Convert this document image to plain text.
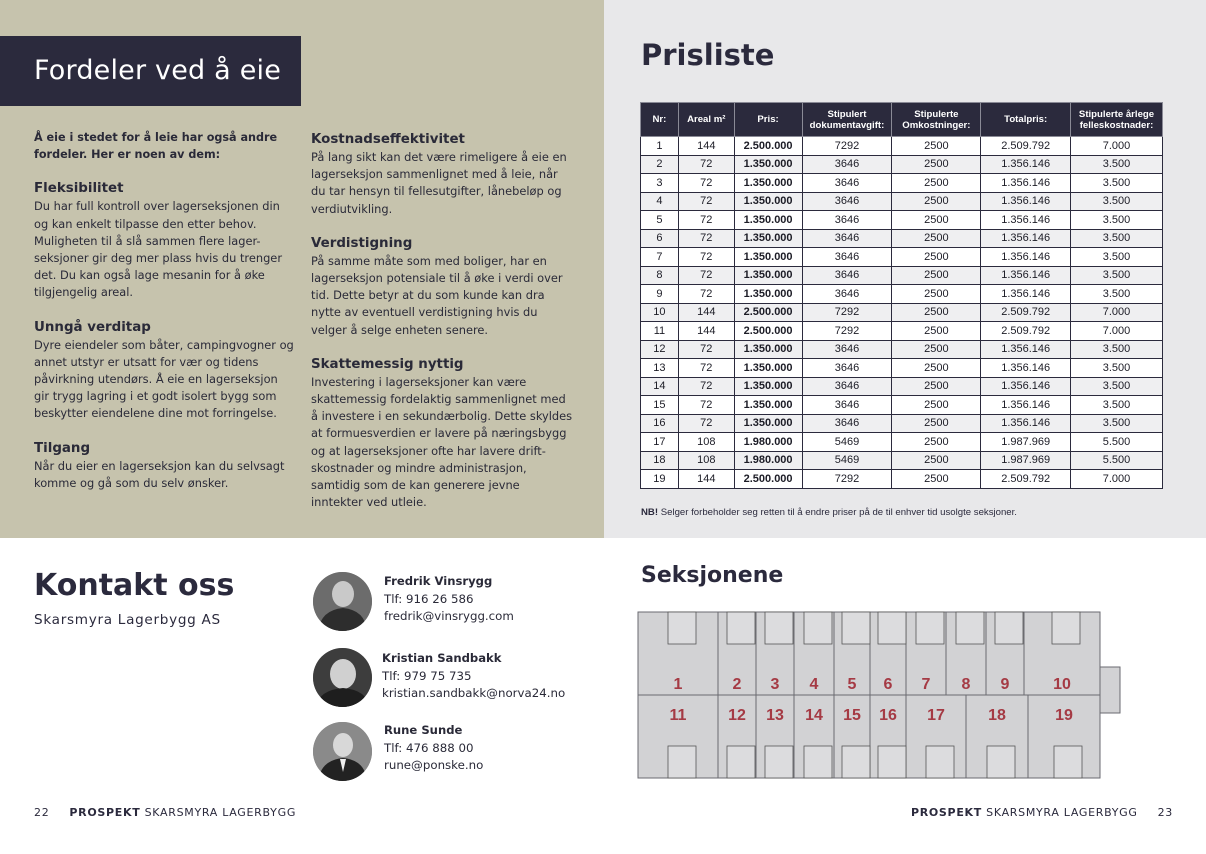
Fordeler ved å eie

Å eie i stedet for å leie har også andre fordeler. Her er noen av dem:

Fleksibilitet

Du har full kontroll over lagerseksjonen din og kan enkelt tilpasse den etter behov. Muligheten til å slå sammen flere lager-seksjoner gir deg mer plass hvis du trenger det. Du kan også lage mesanin for å øke tilgjengelig areal.

Unngå verditap

Dyre eiendeler som båter, campingvogner og annet utstyr er utsatt for vær og tidens påvirkning utendørs. Å eie en lagerseksjon gir trygg lagring i et godt isolert bygg som beskytter eiendelene dine mot forringelse.

Tilgang

Når du eier en lagerseksjon kan du selvsagt komme og gå som du selv ønsker.

Kostnadseffektivitet

På lang sikt kan det være rimeligere å eie en lagerseksjon sammenlignet med å leie, når du tar hensyn til fellesutgifter, lånebeløp og verdiutvikling.

Verdistigning

På samme måte som med boliger, har en lagerseksjon potensiale til å øke i verdi over tid. Dette betyr at du som kunde kan dra nytte av eventuell verdistigning hvis du velger å selge enheten senere.

Skattemessig nyttig

Investering i lagerseksjoner kan være skattemessig fordelaktig sammenlignet med å investere i en sekundærbolig. Dette skyldes at formuesverdien er lavere på næringsbygg og at lagerseksjoner ofte har lavere drift-skostnader og mindre administrasjon, samtidig som de kan generere jevne inntekter ved utleie.

Prisliste
Nr:	Areal m²	Pris:	Stipulert dokumentavgift:	Stipulerte Omkostninger:	Totalpris:	Stipulerte årlege felleskostnader:
1	144	2.500.000	7292	2500	2.509.792	7.000
2	72	1.350.000	3646	2500	1.356.146	3.500
3	72	1.350.000	3646	2500	1.356.146	3.500
4	72	1.350.000	3646	2500	1.356.146	3.500
5	72	1.350.000	3646	2500	1.356.146	3.500
6	72	1.350.000	3646	2500	1.356.146	3.500
7	72	1.350.000	3646	2500	1.356.146	3.500
8	72	1.350.000	3646	2500	1.356.146	3.500
9	72	1.350.000	3646	2500	1.356.146	3.500
10	144	2.500.000	7292	2500	2.509.792	7.000
11	144	2.500.000	7292	2500	2.509.792	7.000
12	72	1.350.000	3646	2500	1.356.146	3.500
13	72	1.350.000	3646	2500	1.356.146	3.500
14	72	1.350.000	3646	2500	1.356.146	3.500
15	72	1.350.000	3646	2500	1.356.146	3.500
16	72	1.350.000	3646	2500	1.356.146	3.500
17	108	1.980.000	5469	2500	1.987.969	5.500
18	108	1.980.000	5469	2500	1.987.969	5.500
19	144	2.500.000	7292	2500	2.509.792	7.000
NB! Selger forbeholder seg retten til å endre priser på de til enhver tid usolgte seksjoner.
Kontakt oss
Skarsmyra Lagerbygg AS
Fredrik Vinsrygg
Tlf: 916 26 586
fredrik@vinsrygg.com
Kristian Sandbakk
Tlf: 979 75 735
kristian.sandbakk@norva24.no
Rune Sunde
Tlf: 476 888 00
rune@ponske.no
Seksjonene
1	2 3 4 5 6 7 8 9	10
11	12 13 14 15 16 17	18	19
22 PROSPEKT SKARSMYRA LAGERBYGG	PROSPEKT SKARSMYRA LAGERBYGG 23
